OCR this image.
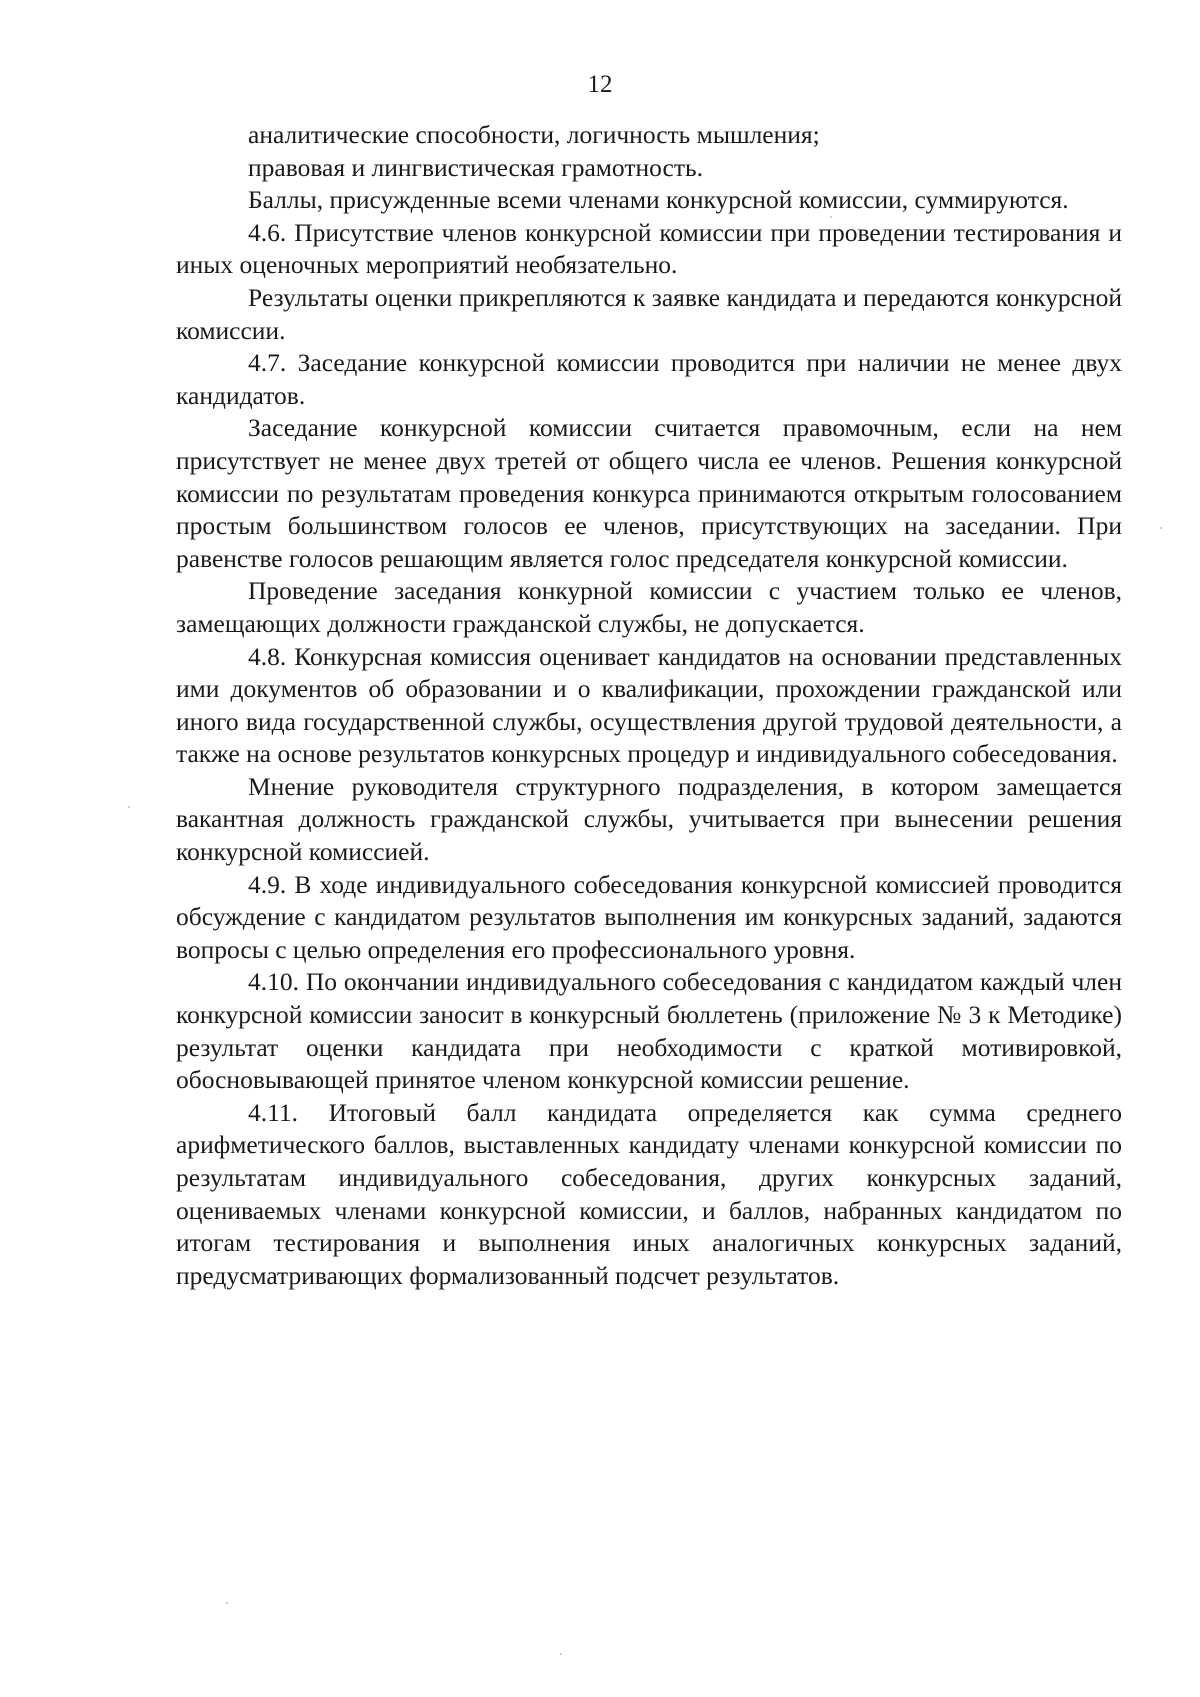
12

аналитические способности, логичность мышления;

правовая и лингвистическая грамотность.

Баллы, присужденные всеми членами конкурсной комиссии, суммируются.

4.6. Присутствие членов конкурсной комиссии при проведении тестирования и иных оценочных мероприятий необязательно.

Результаты оценки прикрепляются к заявке кандидата и передаются конкурсной комиссии.

4.7. Заседание конкурсной комиссии проводится при наличии не менее двух кандидатов.

Заседание конкурсной комиссии считается правомочным, если на нем присутствует не менее двух третей от общего числа ее членов. Решения конкурсной комиссии по результатам проведения конкурса принимаются открытым голосованием простым большинством голосов ее членов, присутствующих на заседании. При равенстве голосов решающим является голос председателя конкурсной комиссии.

Проведение заседания конкурной комиссии с участием только ее членов, замещающих должности гражданской службы, не допускается.

4.8. Конкурсная комиссия оценивает кандидатов на основании представленных ими документов об образовании и о квалификации, прохождении гражданской или иного вида государственной службы, осуществления другой трудовой деятельности, а также на основе результатов конкурсных процедур и индивидуального собеседования.

Мнение руководителя структурного подразделения, в котором замещается вакантная должность гражданской службы, учитывается при вынесении решения конкурсной комиссией.

4.9. В ходе индивидуального собеседования конкурсной комиссией проводится обсуждение с кандидатом результатов выполнения им конкурсных заданий, задаются вопросы с целью определения его профессионального уровня.

4.10. По окончании индивидуального собеседования с кандидатом каждый член конкурсной комиссии заносит в конкурсный бюллетень (приложение № 3 к Методике) результат оценки кандидата при необходимости с краткой мотивировкой, обосновывающей принятое членом конкурсной комиссии решение.

4.11. Итоговый балл кандидата определяется как сумма среднего арифметического баллов, выставленных кандидату членами конкурсной комиссии по результатам индивидуального собеседования, других конкурсных заданий, оцениваемых членами конкурсной комиссии, и баллов, набранных кандидатом по итогам тестирования и выполнения иных аналогичных конкурсных заданий, предусматривающих формализованный подсчет результатов.
